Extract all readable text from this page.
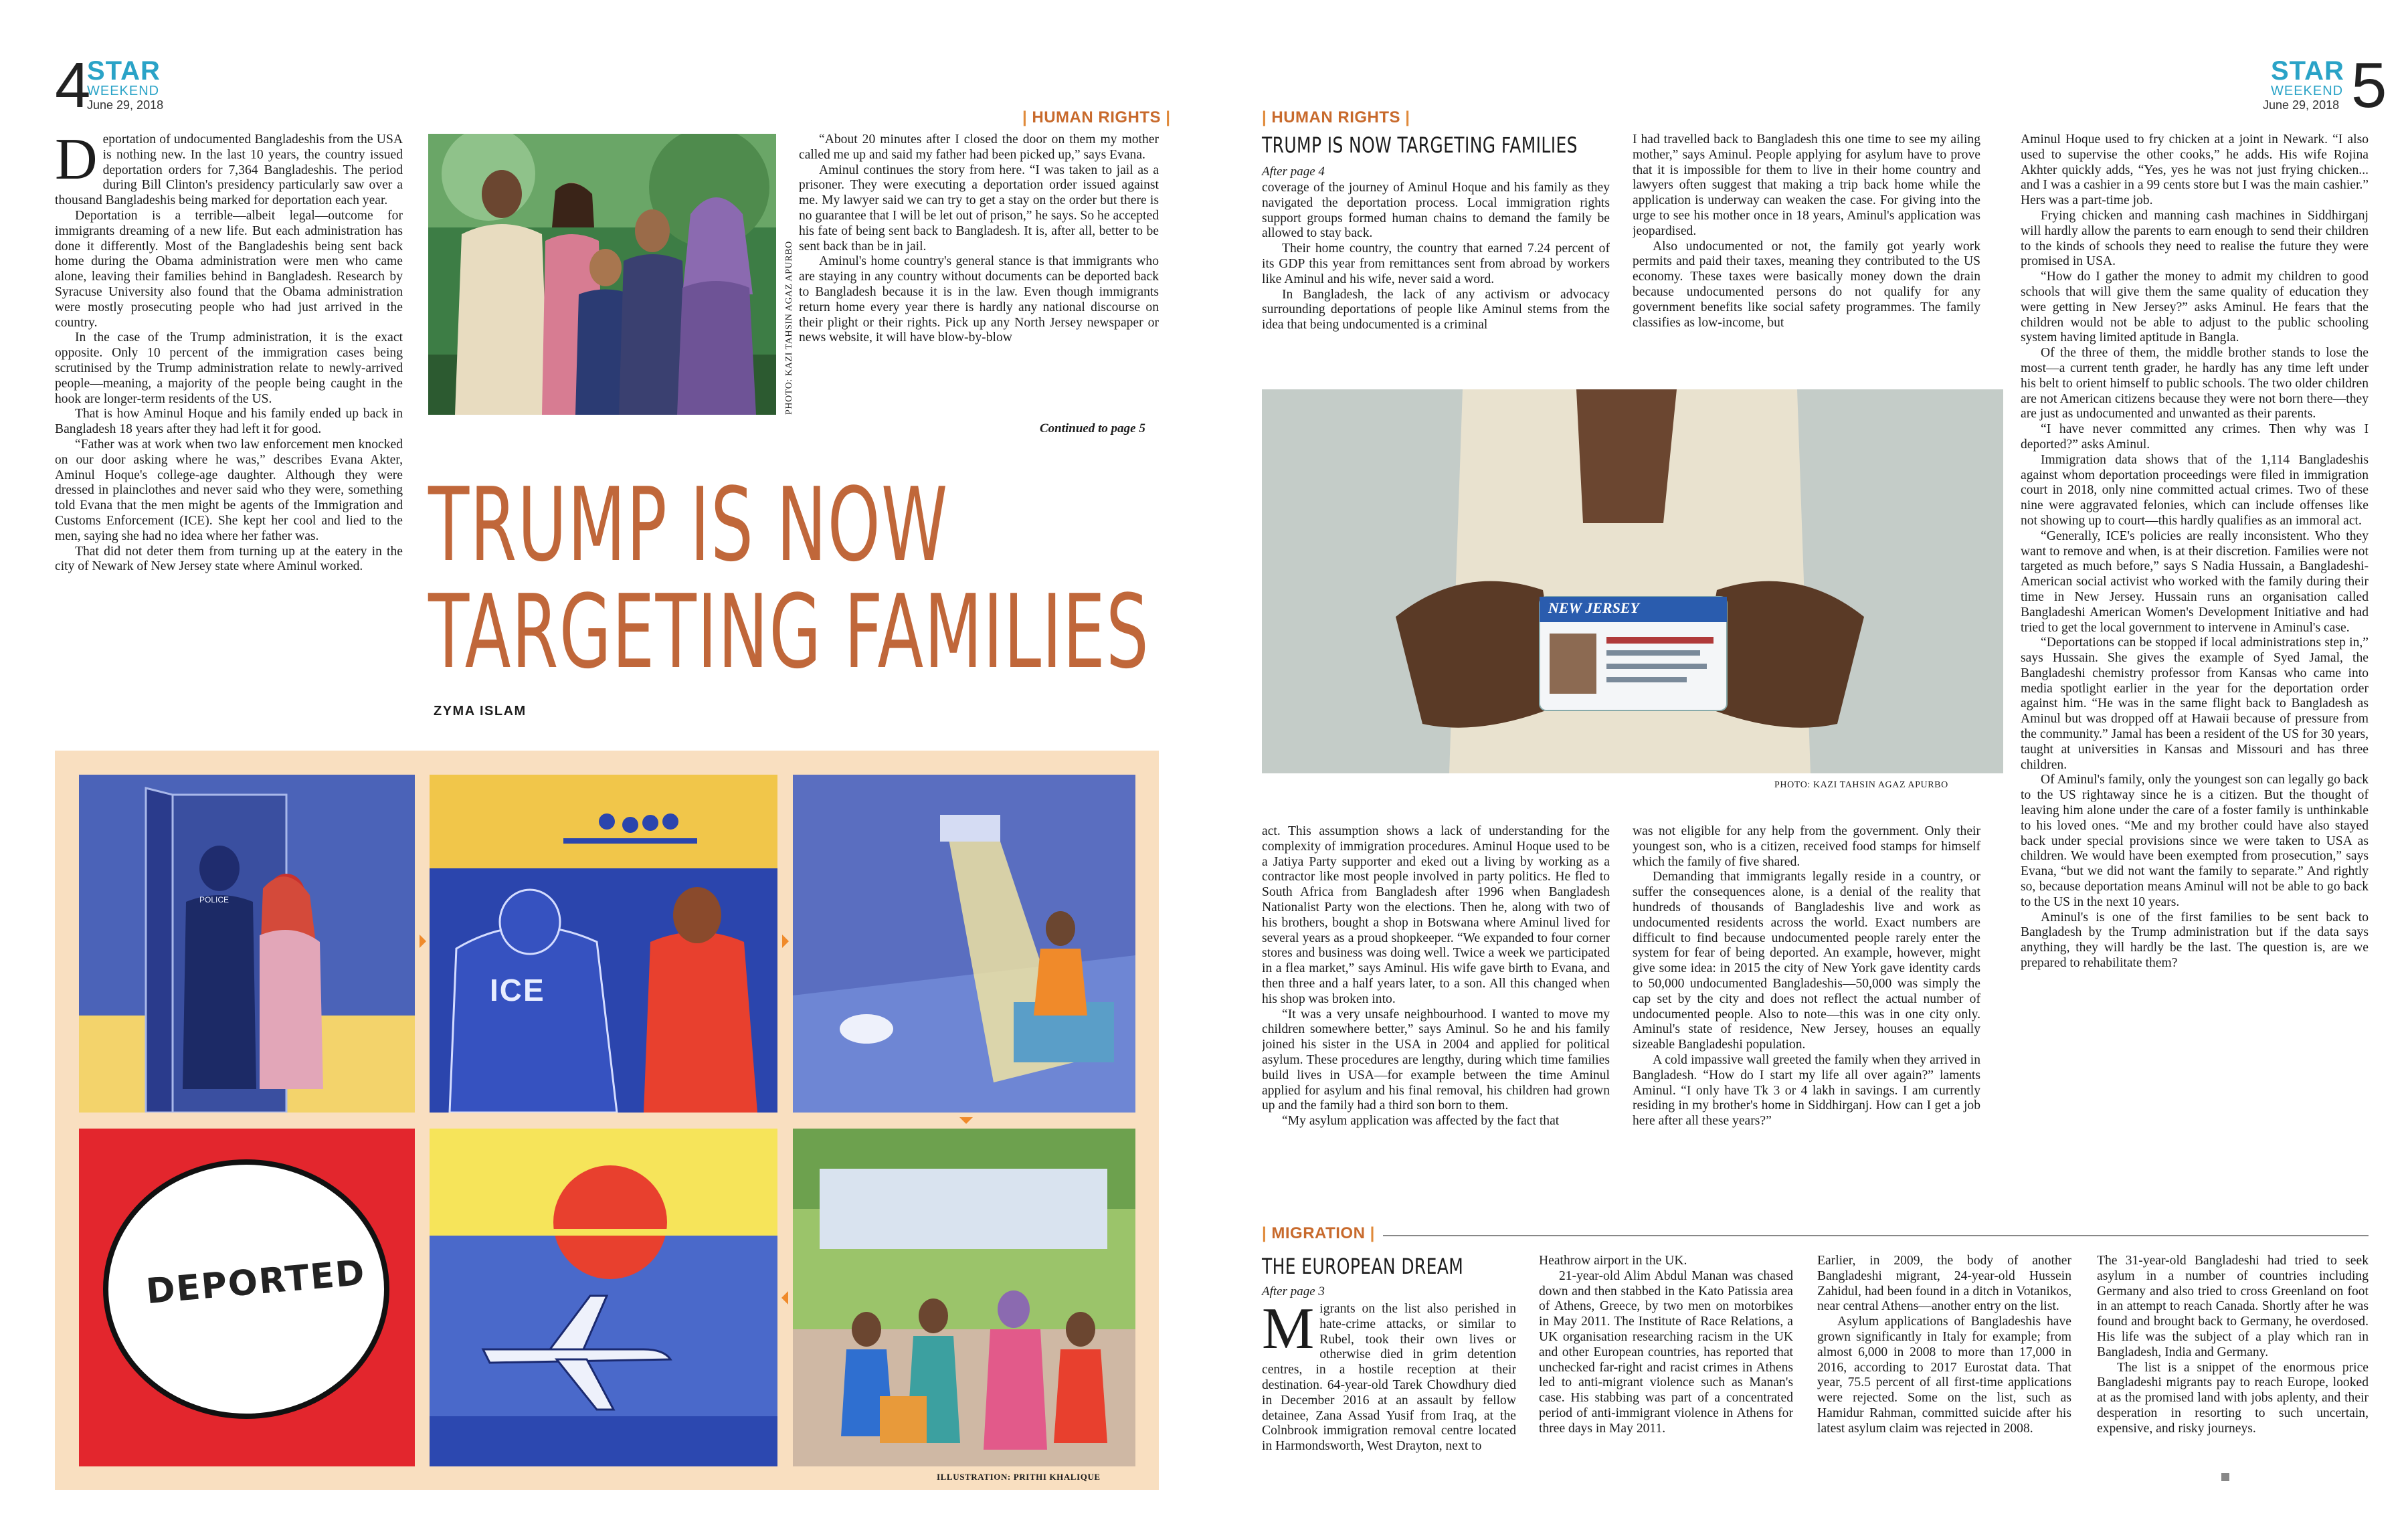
4
STAR
WEEKEND
June 29, 2018
STAR
WEEKEND
June 29, 2018 5
| HUMAN RIGHTS |

Deportation of undocumented Bangladeshis from the USA is nothing new. In the last 10 years, the country issued deportation orders for 7,364 Bangladeshis. The period during Bill Clinton's presidency particularly saw over a thousand Bangladeshis being marked for deportation each year.

Deportation is a terrible—albeit legal—outcome for immigrants dreaming of a new life. But each administration has done it differently. Most of the Bangladeshis being sent back home during the Obama administration were men who came alone, leaving their families behind in Bangladesh. Research by Syracuse University also found that the Obama administration were mostly prosecuting people who had just arrived in the country.

In the case of the Trump administration, it is the exact opposite. Only 10 percent of the immigration cases being scrutinised by the Trump administration relate to newly-arrived people—meaning, a majority of the people being caught in the hook are longer-term residents of the US.

That is how Aminul Hoque and his family ended up back in Bangladesh 18 years after they had left it for good.

“Father was at work when two law enforcement men knocked on our door asking where he was,” describes Evana Akter, Aminul Hoque's college-age daughter. Although they were dressed in plainclothes and never said who they were, something told Evana that the men might be agents of the Immigration and Customs Enforcement (ICE). She kept her cool and lied to the men, saying she had no idea where her father was.

That did not deter them from turning up at the eatery in the city of Newark of New Jersey state where Aminul worked.

PHOTO: KAZI TAHSIN AGAZ APURBO

“About 20 minutes after I closed the door on them my mother called me up and said my father had been picked up,” says Evana.

Aminul continues the story from here. “I was taken to jail as a prisoner. They were executing a deportation order issued against me. My lawyer said we can try to get a stay on the order but there is no guarantee that I will be let out of prison,” he says. So he accepted his fate of being sent back to Bangladesh. It is, after all, better to be sent back than be in jail.

Aminul's home country's general stance is that immigrants who are staying in any country without documents can be deported back to Bangladesh because it is in the law. Even though immigrants return home every year there is hardly any national discourse on their plight or their rights. Pick up any North Jersey newspaper or news website, it will have blow-by-blow

Continued to page 5
TRUMP IS NOW
TARGETING FAMILIES
ZYMA ISLAM
POLICE
ICE
DEPORTED
ILLUSTRATION: PRITHI KHALIQUE
| HUMAN RIGHTS |
TRUMP IS NOW TARGETING FAMILIES
After page 4

coverage of the journey of Aminul Hoque and his family as they navigated the deportation process. Local immigration rights support groups formed human chains to demand the family be allowed to stay back.

Their home country, the country that earned 7.24 percent of its GDP this year from remittances sent from abroad by workers like Aminul and his wife, never said a word.

In Bangladesh, the lack of any activism or advocacy surrounding deportations of people like Aminul stems from the idea that being undocumented is a criminal

I had travelled back to Bangladesh this one time to see my ailing mother,” says Aminul. People applying for asylum have to prove that it is impossible for them to live in their home country and lawyers often suggest that making a trip back home while the application is underway can weaken the case. For giving into the urge to see his mother once in 18 years, Aminul's application was jeopardised.

Also undocumented or not, the family got yearly work permits and paid their taxes, meaning they contributed to the US economy. These taxes were basically money down the drain because undocumented persons do not qualify for any government benefits like social safety programmes. The family classifies as low-income, but

NEW JERSEY
PHOTO: KAZI TAHSIN AGAZ APURBO

act. This assumption shows a lack of understanding for the complexity of immigration procedures. Aminul Hoque used to be a Jatiya Party supporter and eked out a living by working as a contractor like most people involved in party politics. He fled to South Africa from Bangladesh after 1996 when Bangladesh Nationalist Party won the elections. Then he, along with two of his brothers, bought a shop in Botswana where Aminul lived for several years as a proud shopkeeper. “We expanded to four corner stores and business was doing well. Twice a week we participated in a flea market,” says Aminul. His wife gave birth to Evana, and then three and a half years later, to a son. All this changed when his shop was broken into.

“It was a very unsafe neighbourhood. I wanted to move my children somewhere better,” says Aminul. So he and his family joined his sister in the USA in 2004 and applied for political asylum. These procedures are lengthy, during which time families build lives in USA—for example between the time Aminul applied for asylum and his final removal, his children had grown up and the family had a third son born to them.

“My asylum application was affected by the fact that

was not eligible for any help from the government. Only their youngest son, who is a citizen, received food stamps for himself which the family of five shared.

Demanding that immigrants legally reside in a country, or suffer the consequences alone, is a denial of the reality that hundreds of thousands of Bangladeshis live and work as undocumented residents across the world. Exact numbers are difficult to find because undocumented people rarely enter the system for fear of being deported. An example, however, might give some idea: in 2015 the city of New York gave identity cards to 50,000 undocumented Bangladeshis—50,000 was simply the cap set by the city and does not reflect the actual number of undocumented people. Also to note—this was in one city only. Aminul's state of residence, New Jersey, houses an equally sizeable Bangladeshi population.

A cold impassive wall greeted the family when they arrived in Bangladesh. “How do I start my life all over again?” laments Aminul. “I only have Tk 3 or 4 lakh in savings. I am currently residing in my brother's home in Siddhirganj. How can I get a job here after all these years?”

Aminul Hoque used to fry chicken at a joint in Newark. “I also used to supervise the other cooks,” he adds. His wife Rojina Akhter quickly adds, “Yes, yes he was not just frying chicken... and I was a cashier in a 99 cents store but I was the main cashier.” Hers was a part-time job.

Frying chicken and manning cash machines in Siddhirganj will hardly allow the parents to earn enough to send their children to the kinds of schools they need to realise the future they were promised in USA.

“How do I gather the money to admit my children to good schools that will give them the same quality of education they were getting in New Jersey?” asks Aminul. He fears that the children would not be able to adjust to the public schooling system having limited aptitude in Bangla.

Of the three of them, the middle brother stands to lose the most—a current tenth grader, he hardly has any time left under his belt to orient himself to public schools. The two older children are not American citizens because they were not born there—they are just as undocumented and unwanted as their parents.

“I have never committed any crimes. Then why was I deported?” asks Aminul.

Immigration data shows that of the 1,114 Bangladeshis against whom deportation proceedings were filed in immigration court in 2018, only nine committed actual crimes. Two of these nine were aggravated felonies, which can include offenses like not showing up to court—this hardly qualifies as an immoral act.

“Generally, ICE's policies are really inconsistent. Who they want to remove and when, is at their discretion. Families were not targeted as much before,” says S Nadia Hussain, a Bangladeshi-American social activist who worked with the family during their time in New Jersey. Hussain runs an organisation called Bangladeshi American Women's Development Initiative and had tried to get the local government to intervene in Aminul's case.

“Deportations can be stopped if local administrations step in,” says Hussain. She gives the example of Syed Jamal, the Bangladeshi chemistry professor from Kansas who came into media spotlight earlier in the year for the deportation order against him. “He was in the same flight back to Bangladesh as Aminul but was dropped off at Hawaii because of pressure from the community.” Jamal has been a resident of the US for 30 years, taught at universities in Kansas and Missouri and has three children.

Of Aminul's family, only the youngest son can legally go back to the US rightaway since he is a citizen. But the thought of leaving him alone under the care of a foster family is unthinkable to his loved ones. “Me and my brother could have also stayed back under special provisions since we were taken to USA as children. We would have been exempted from prosecution,” says Evana, “but we did not want the family to separate.” And rightly so, because deportation means Aminul will not be able to go back to the US in the next 10 years.

Aminul's is one of the first families to be sent back to Bangladesh by the Trump administration but if the data says anything, they will hardly be the last. The question is, are we prepared to rehabilitate them?

| MIGRATION |
THE EUROPEAN DREAM
After page 3

Migrants on the list also perished in hate-crime attacks, or similar to Rubel, took their own lives or otherwise died in grim detention centres, in a hostile reception at their destination. 64-year-old Tarek Chowdhury died in December 2016 at an assault by fellow detainee, Zana Assad Yusif from Iraq, at the Colnbrook immigration removal centre located in Harmondsworth, West Drayton, next to

Heathrow airport in the UK.

21-year-old Alim Abdul Manan was chased down and then stabbed in the Kato Patissia area of Athens, Greece, by two men on motorbikes in May 2011. The Institute of Race Relations, a UK organisation researching racism in the UK and other European countries, has reported that unchecked far-right and racist crimes in Athens led to anti-migrant violence such as Manan's case. His stabbing was part of a concentrated period of anti-immigrant violence in Athens for three days in May 2011.

Earlier, in 2009, the body of another Bangladeshi migrant, 24-year-old Hussein Zahidul, had been found in a ditch in Votanikos, near central Athens—another entry on the list.

Asylum applications of Bangladeshis have grown significantly in Italy for example; from almost 6,000 in 2008 to more than 17,000 in 2016, according to 2017 Eurostat data. That year, 75.5 percent of all first-time applications were rejected. Some on the list, such as Hamidur Rahman, committed suicide after his latest asylum claim was rejected in 2008.

The 31-year-old Bangladeshi had tried to seek asylum in a number of countries including Germany and also tried to cross Greenland on foot in an attempt to reach Canada. Shortly after he was found and brought back to Germany, he overdosed. His life was the subject of a play which ran in Bangladesh, India and Germany.

The list is a snippet of the enormous price Bangladeshi migrants pay to reach Europe, looked at as the promised land with jobs aplenty, and their desperation in resorting to such uncertain, expensive, and risky journeys.
